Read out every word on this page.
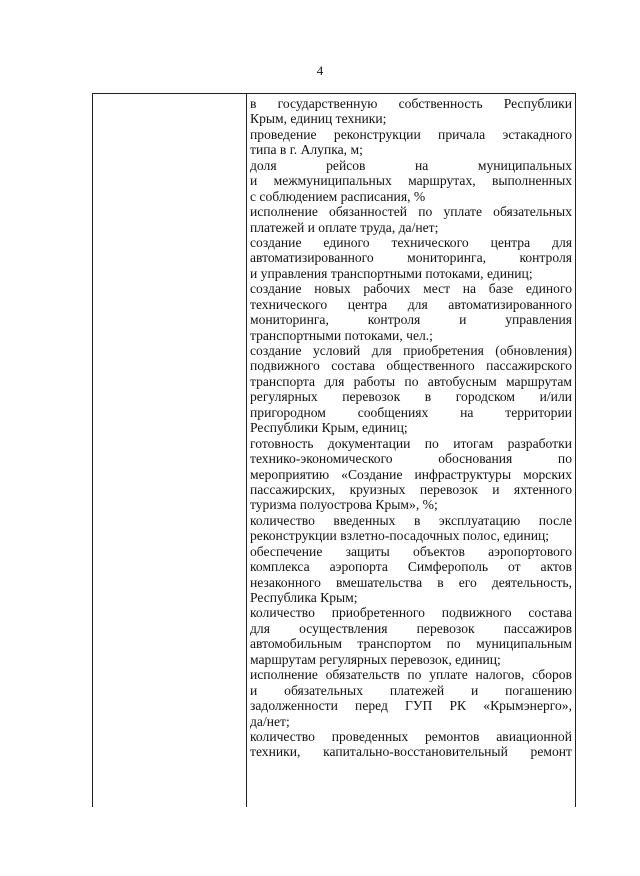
4
в государственную собственность Республики
Крым, единиц техники;
проведение реконструкции причала эстакадного
типа в г. Алупка, м;
доля рейсов на муниципальных
и межмуниципальных маршрутах, выполненных
с соблюдением расписания, %
исполнение обязанностей по уплате обязательных
платежей и оплате труда, да/нет;
создание единого технического центра для
автоматизированного мониторинга, контроля
и управления транспортными потоками, единиц;
создание новых рабочих мест на базе единого
технического центра для автоматизированного
мониторинга, контроля и управления
транспортными потоками, чел.;
создание условий для приобретения (обновления)
подвижного состава общественного пассажирского
транспорта для работы по автобусным маршрутам
регулярных перевозок в городском и/или
пригородном сообщениях на территории
Республики Крым, единиц;
готовность документации по итогам разработки
технико-экономического обоснования по
мероприятию «Создание инфраструктуры морских
пассажирских, круизных перевозок и яхтенного
туризма полуострова Крым», %;
количество введенных в эксплуатацию после
реконструкции взлетно-посадочных полос, единиц;
обеспечение защиты объектов аэропортового
комплекса аэропорта Симферополь от актов
незаконного вмешательства в его деятельность,
Республика Крым;
количество приобретенного подвижного состава
для осуществления перевозок пассажиров
автомобильным транспортом по муниципальным
маршрутам регулярных перевозок, единиц;
исполнение обязательств по уплате налогов, сборов
и обязательных платежей и погашению
задолженности перед ГУП РК «Крымэнерго»,
да/нет;
количество проведенных ремонтов авиационной
техники, капитально-восстановительный ремонт
